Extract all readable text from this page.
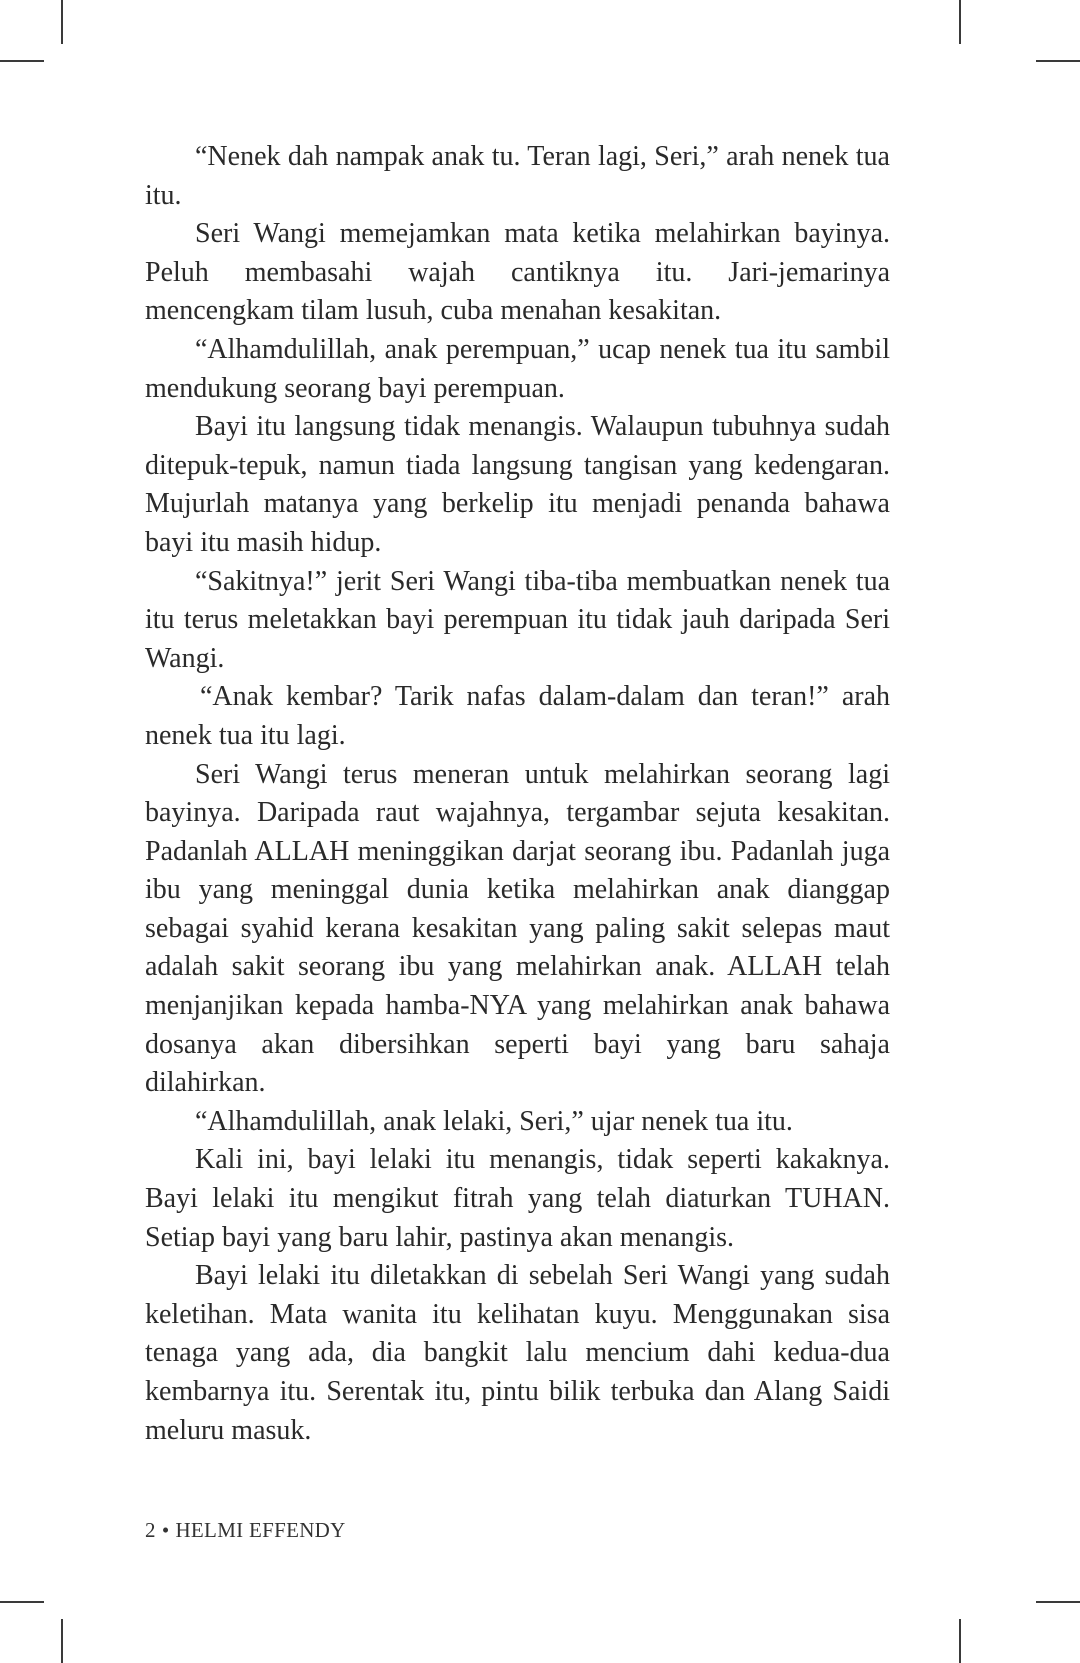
“Nenek dah nampak anak tu. Teran lagi, Seri,” arah nenek tua itu.

Seri Wangi memejamkan mata ketika melahirkan bayinya. Peluh membasahi wajah cantiknya itu. Jari-jemarinya mencengkam tilam lusuh, cuba menahan kesakitan.

“Alhamdulillah, anak perempuan,” ucap nenek tua itu sambil mendukung seorang bayi perempuan.

Bayi itu langsung tidak menangis. Walaupun tubuhnya sudah ditepuk-tepuk, namun tiada langsung tangisan yang kedengaran. Mujurlah matanya yang berkelip itu menjadi penanda bahawa bayi itu masih hidup.

“Sakitnya!” jerit Seri Wangi tiba-tiba membuatkan nenek tua itu terus meletakkan bayi perempuan itu tidak jauh daripada Seri Wangi.

“Anak kembar? Tarik nafas dalam-dalam dan teran!” arah nenek tua itu lagi.

Seri Wangi terus meneran untuk melahirkan seorang lagi bayinya. Daripada raut wajahnya, tergambar sejuta kesakitan. Padanlah ALLAH meninggikan darjat seorang ibu. Padanlah juga ibu yang meninggal dunia ketika melahirkan anak dianggap sebagai syahid kerana kesakitan yang paling sakit selepas maut adalah sakit seorang ibu yang melahirkan anak. ALLAH telah menjanjikan kepada hamba-NYA yang melahirkan anak bahawa dosanya akan dibersihkan seperti bayi yang baru sahaja dilahirkan.

“Alhamdulillah, anak lelaki, Seri,” ujar nenek tua itu.

Kali ini, bayi lelaki itu menangis, tidak seperti kakaknya. Bayi lelaki itu mengikut fitrah yang telah diaturkan TUHAN. Setiap bayi yang baru lahir, pastinya akan menangis.

Bayi lelaki itu diletakkan di sebelah Seri Wangi yang sudah keletihan. Mata wanita itu kelihatan kuyu. Menggunakan sisa tenaga yang ada, dia bangkit lalu mencium dahi kedua-dua kembarnya itu. Serentak itu, pintu bilik terbuka dan Alang Saidi meluru masuk.

2 • HELMI EFFENDY
